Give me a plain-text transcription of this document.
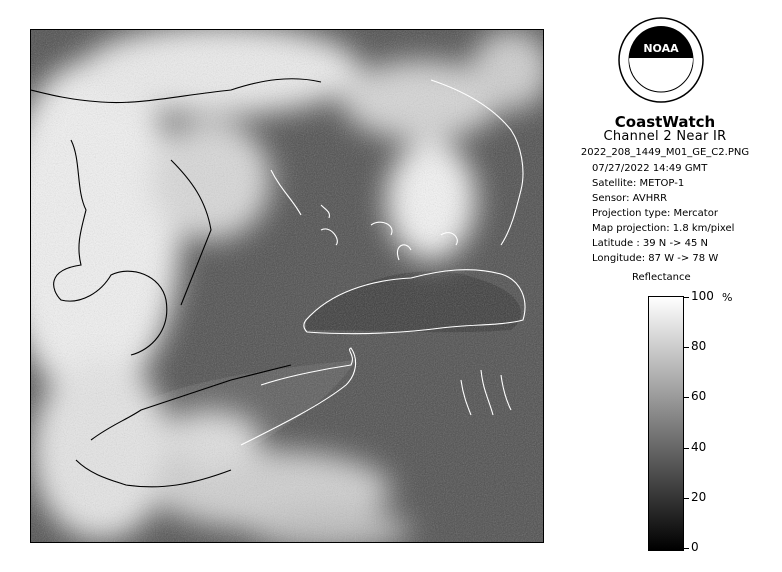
NOAA
CoastWatch
Channel 2 Near IR
2022_208_1449_M01_GE_C2.PNG
07/27/2022 14:49 GMT
Satellite: METOP-1
Sensor: AVHRR
Projection type: Mercator
Map projection: 1.8 km/pixel
Latitude : 39 N -> 45 N
Longitude: 87 W -> 78 W
Reflectance
%
100
80
60
40
20
0
